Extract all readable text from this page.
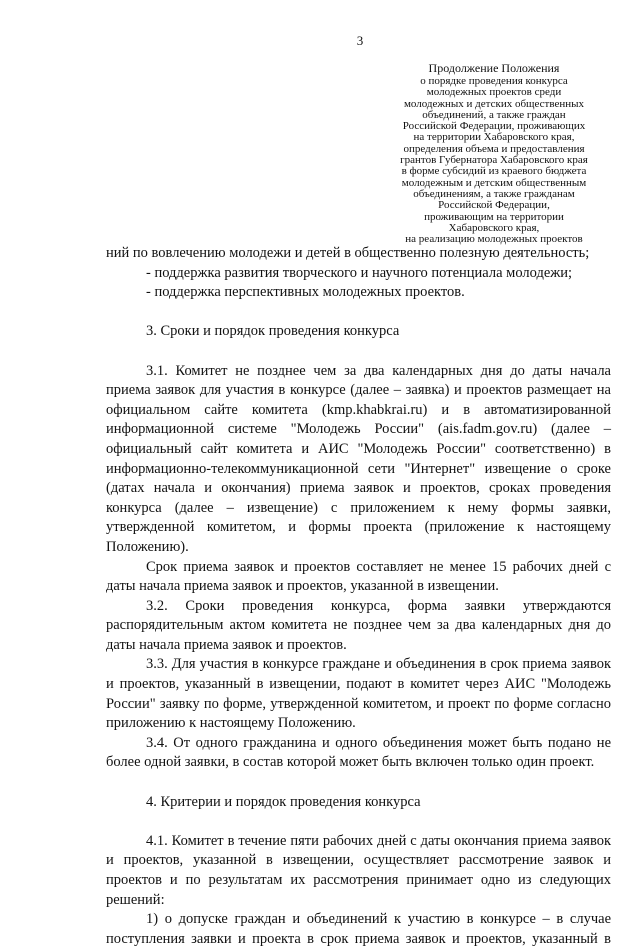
3
Продолжение Положения
о порядке проведения конкурса
молодежных проектов среди
молодежных и детских общественных
объединений, а также граждан
Российской Федерации, проживающих
на территории Хабаровского края,
определения объема и предоставления
грантов Губернатора Хабаровского края
в форме субсидий из краевого бюджета
молодежным и детским общественным
объединениям, а также гражданам
Российской Федерации,
проживающим на территории
Хабаровского края,
на реализацию молодежных проектов

ний по вовлечению молодежи и детей в общественно полезную деятельность;

- поддержка развития творческого и научного потенциала молодежи;

- поддержка перспективных молодежных проектов.

3. Сроки и порядок проведения конкурса

3.1. Комитет не позднее чем за два календарных дня до даты начала приема заявок для участия в конкурсе (далее – заявка) и проектов размещает на официальном сайте комитета (kmp.khabkrai.ru) и в автоматизированной информационной системе "Молодежь России" (ais.fadm.gov.ru) (далее – официальный сайт комитета и АИС "Молодежь России" соответственно) в информационно-телекоммуникационной сети "Интернет" извещение о сроке (датах начала и окончания) приема заявок и проектов, сроках проведения конкурса (далее – извещение) с приложением к нему формы заявки, утвержденной комитетом, и формы проекта (приложение к настоящему Положению).

Срок приема заявок и проектов составляет не менее 15 рабочих дней с даты начала приема заявок и проектов, указанной в извещении.

3.2. Сроки проведения конкурса, форма заявки утверждаются распорядительным актом комитета не позднее чем за два календарных дня до даты начала приема заявок и проектов.

3.3. Для участия в конкурсе граждане и объединения в срок приема заявок и проектов, указанный в извещении, подают в комитет через АИС "Молодежь России" заявку по форме, утвержденной комитетом, и проект по форме согласно приложению к настоящему Положению.

3.4. От одного гражданина и одного объединения может быть подано не более одной заявки, в состав которой может быть включен только один проект.

4. Критерии и порядок проведения конкурса

4.1. Комитет в течение пяти рабочих дней с даты окончания приема заявок и проектов, указанной в извещении, осуществляет рассмотрение заявок и проектов и по результатам их рассмотрения принимает одно из следующих решений:

1) о допуске граждан и объединений к участию в конкурсе – в случае поступления заявки и проекта в срок приема заявок и проектов, указанный в
